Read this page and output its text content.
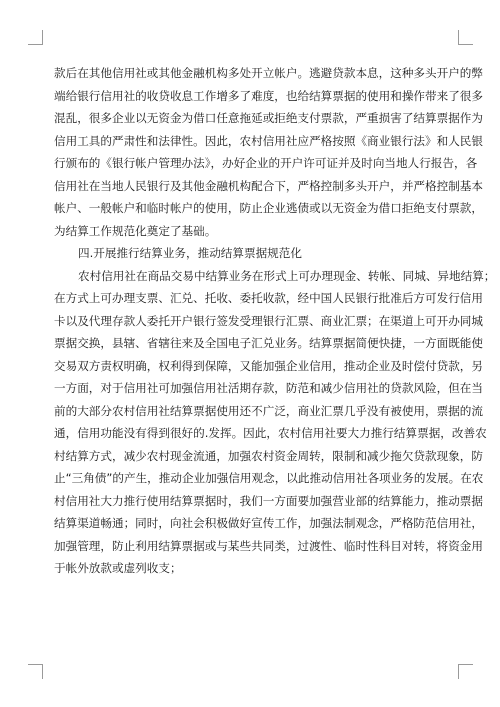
款后在其他信用社或其他金融机构多处开立帐户。逃避贷款本息，这种多头开户的弊
端给银行信用社的收贷收息工作增多了难度，也给结算票据的使用和操作带来了很多
混乱，很多企业以无资金为借口任意拖延或拒绝支付票款，严重损害了结算票据作为
信用工具的严肃性和法律性。因此，农村信用社应严格按照《商业银行法》和人民银
行颁布的《银行帐户管理办法》，办好企业的开户许可证并及时向当地人行报告，各
信用社在当地人民银行及其他金融机构配合下，严格控制多头开户，并严格控制基本
帐户、一般帐户和临时帐户的使用，防止企业逃债或以无资金为借口拒绝支付票款，
为结算工作规范化奠定了基础。
四.开展推行结算业务，推动结算票据规范化
农村信用社在商品交易中结算业务在形式上可办理现金、转帐、同城、异地结算；
在方式上可办理支票、汇兑、托收、委托收款，经中国人民银行批准后方可发行信用
卡以及代理存款人委托开户银行签发受理银行汇票、商业汇票；在渠道上可开办同城
票据交换，县辖、省辖往来及全国电子汇兑业务。结算票据简便快捷，一方面既能使
交易双方责权明确，权利得到保障，又能加强企业信用，推动企业及时偿付贷款，另
一方面，对于信用社可加强信用社活期存款，防范和减少信用社的贷款风险，但在当
前的大部分农村信用社结算票据使用还不广泛，商业汇票几乎没有被使用，票据的流
通，信用功能没有得到很好的.发挥。因此，农村信用社要大力推行结算票据，改善农
村结算方式，减少农村现金流通，加强农村资金周转，限制和减少拖欠贷款现象，防
止“三角债”的产生，推动企业加强信用观念，以此推动信用社各项业务的发展。在农
村信用社大力推行使用结算票据时，我们一方面要加强营业部的结算能力，推动票据
结算渠道畅通；同时，向社会积极做好宣传工作，加强法制观念，严格防范信用社，
加强管理，防止利用结算票据或与某些共同类，过渡性、临时性科目对转，将资金用
于帐外放款或虚列收支；
